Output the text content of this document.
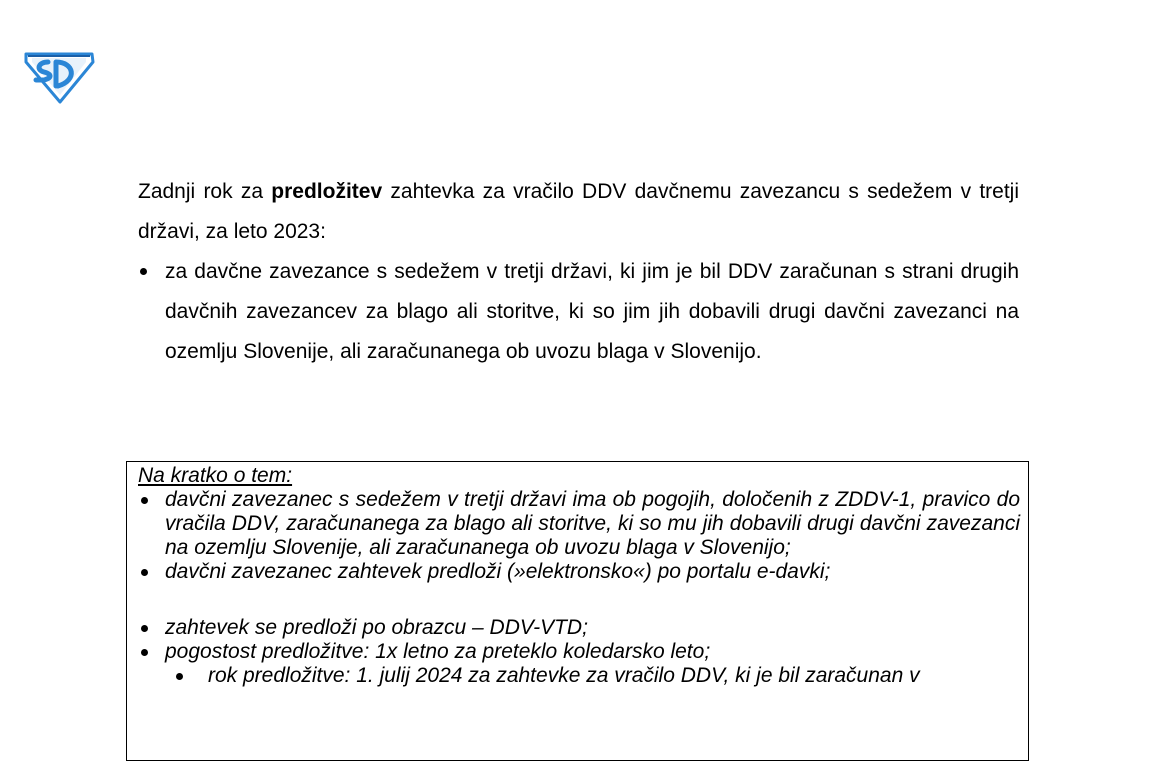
Zadnji rok za predložitev zahtevka za vračilo DDV davčnemu zavezancu s sedežem v tretji državi, za leto 2023:

za davčne zavezance s sedežem v tretji državi, ki jim je bil DDV zaračunan s strani drugih davčnih zavezancev za blago ali storitve, ki so jim jih dobavili drugi davčni zavezanci na ozemlju Slovenije, ali zaračunanega ob uvozu blaga v Slovenijo.

Na kratko o tem:

davčni zavezanec s sedežem v tretji državi ima ob pogojih, določenih z ZDDV-1, pravico do vračila DDV, zaračunanega za blago ali storitve, ki so mu jih dobavili drugi davčni zavezanci na ozemlju Slovenije, ali zaračunanega ob uvozu blaga v Slovenijo;
davčni zavezanec zahtevek predloži (»elektronsko«) po portalu e-davki;
zahtevek se predloži po obrazcu – DDV-VTD;
pogostost predložitve: 1x letno za preteklo koledarsko leto;
rok predložitve: 1. julij 2024 za zahtevke za vračilo DDV, ki je bil zaračunan v
